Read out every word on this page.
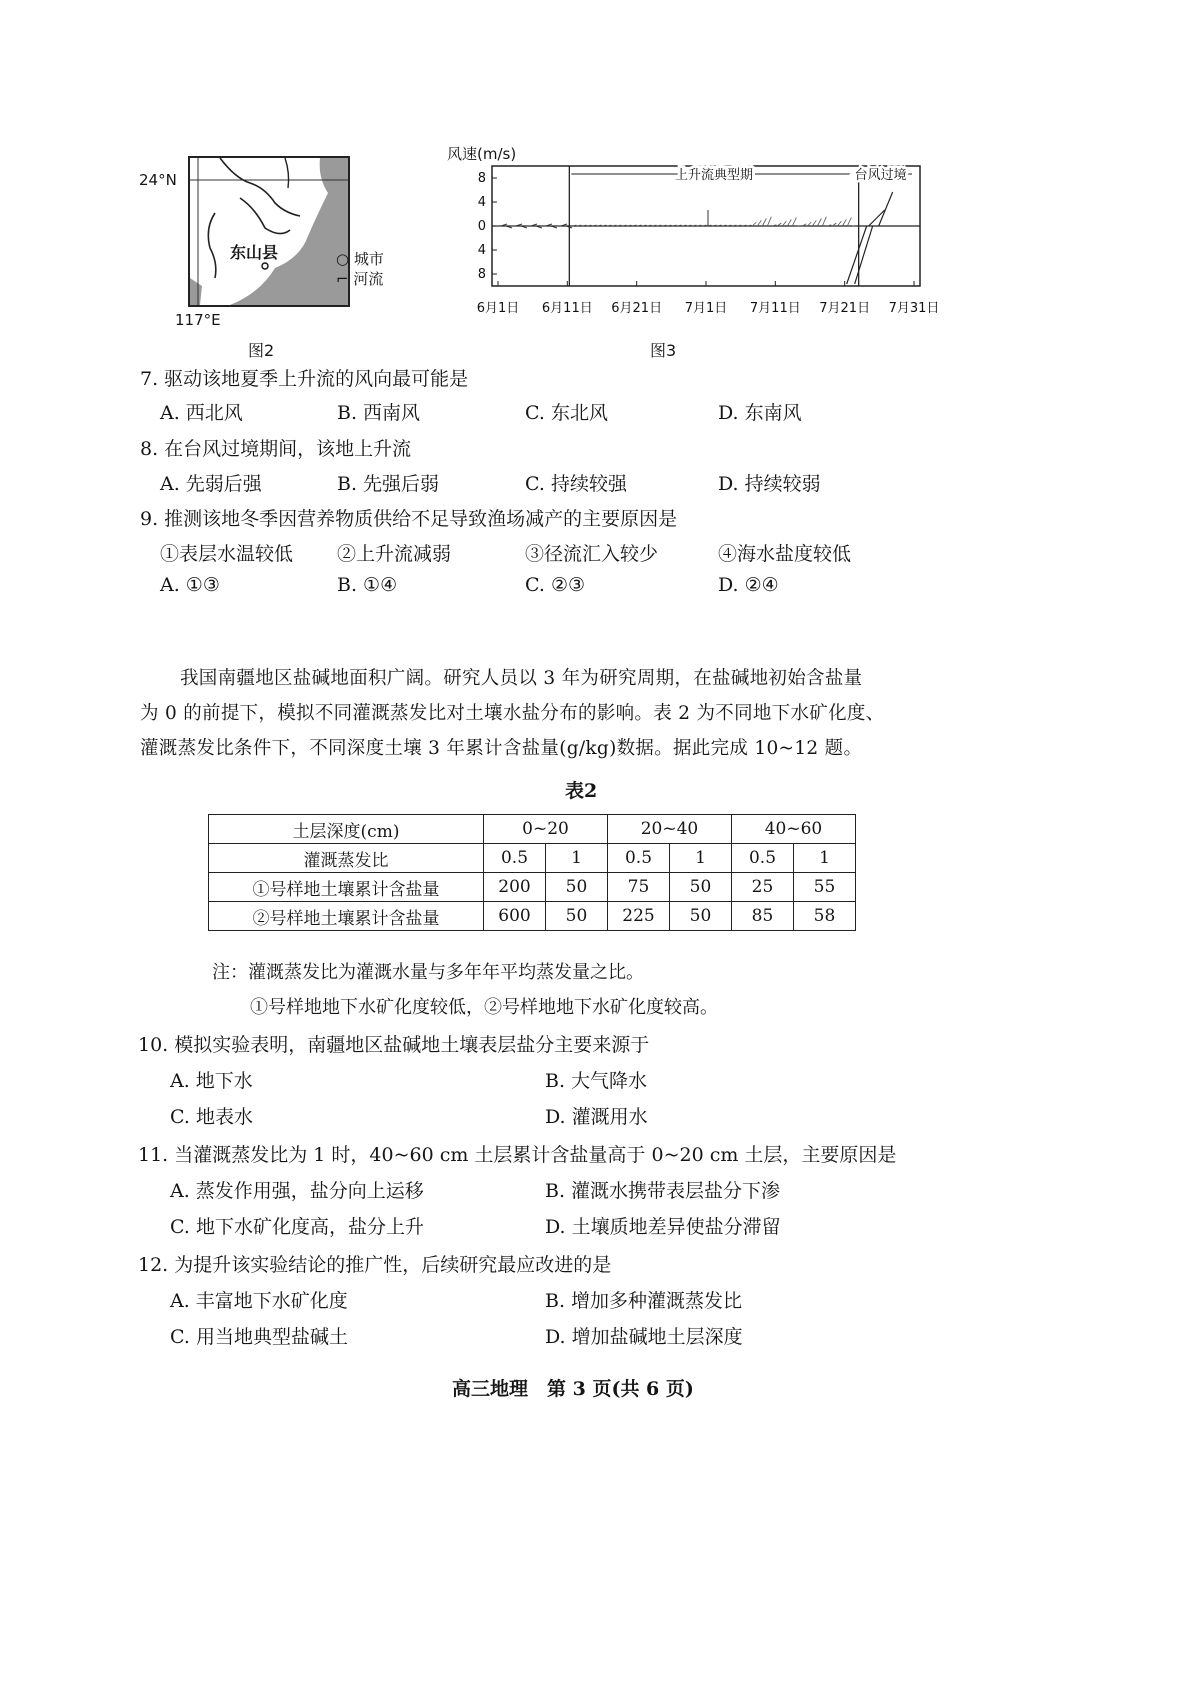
24°N
东山县	○ 城市
⌐ 河流
117°E
图2
风速(m/s)
8
4
0
4
8
6月1日 6月11日 6月21日 7月1日 7月11日 7月21日 7月31日
上升流典型期	台风过境
图3
7. 驱动该地夏季上升流的风向最可能是
A. 西北风	B. 西南风	C. 东北风	D. 东南风
8. 在台风过境期间，该地上升流
A. 先弱后强	B. 先强后弱	C. 持续较强	D. 持续较弱
9. 推测该地冬季因营养物质供给不足导致渔场减产的主要原因是
①表层水温较低 ②上升流减弱	③径流汇入较少	④海水盐度较低
A. ①③	B. ①④	C. ②③	D. ②④
我国南疆地区盐碱地面积广阔。研究人员以 3 年为研究周期，在盐碱地初始含盐量
为 0 的前提下，模拟不同灌溉蒸发比对土壤水盐分布的影响。表 2 为不同地下水矿化度、
灌溉蒸发比条件下，不同深度土壤 3 年累计含盐量(g/kg)数据。据此完成 10~12 题。
表2
土层深度(cm)	0~20		20~40		40~60	
灌溉蒸发比	0.5	1	0.5	1	0.5	1
①号样地土壤累计含盐量	200	50	75	50	25	55
②号样地土壤累计含盐量	600	50	225	50	85	58
注：灌溉蒸发比为灌溉水量与多年年平均蒸发量之比。
①号样地地下水矿化度较低，②号样地地下水矿化度较高。
10. 模拟实验表明，南疆地区盐碱地土壤表层盐分主要来源于
A. 地下水	B. 大气降水
C. 地表水	D. 灌溉用水
11. 当灌溉蒸发比为 1 时，40~60 cm 土层累计含盐量高于 0~20 cm 土层，主要原因是
A. 蒸发作用强，盐分向上运移	B. 灌溉水携带表层盐分下渗
C. 地下水矿化度高，盐分上升	D. 土壤质地差异使盐分滞留
12. 为提升该实验结论的推广性，后续研究最应改进的是
A. 丰富地下水矿化度	B. 增加多种灌溉蒸发比
C. 用当地典型盐碱土	D. 增加盐碱地土层深度
高三地理　第 3 页(共 6 页)
